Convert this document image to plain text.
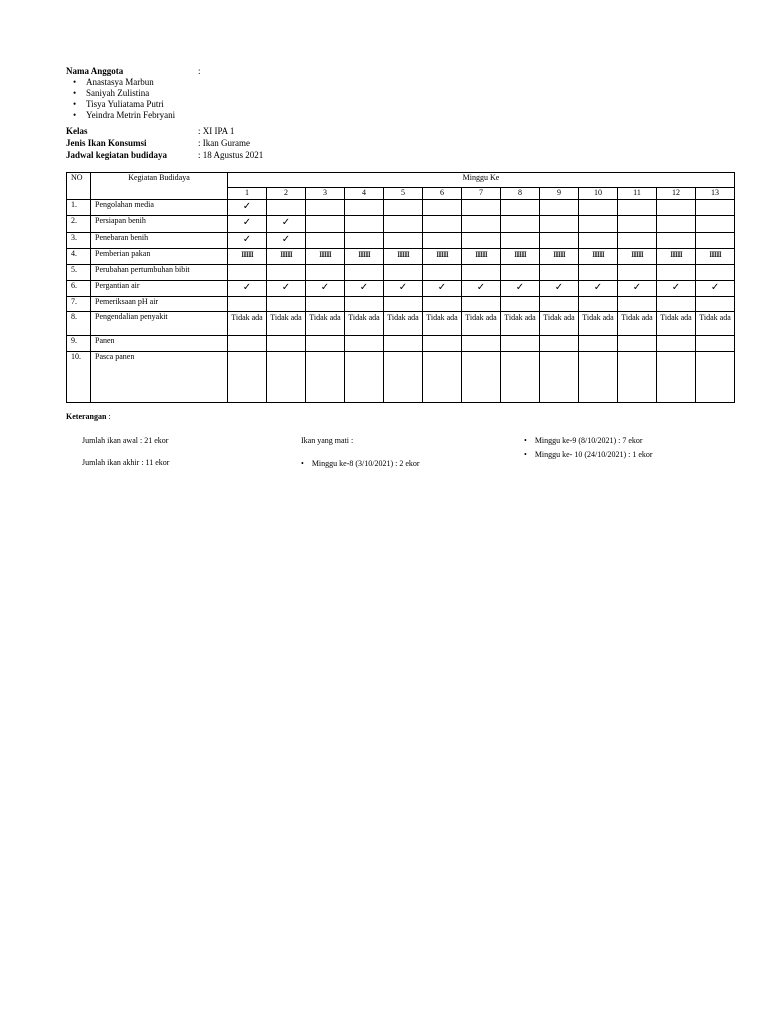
Nama Anggota	:
• Anastasya Marbun
• Saniyah Zulistina
• Tisya Yuliatama Putri
• Yeindra Metrin Febryani
Kelas	: XI IPA 1
Jenis Ikan Konsumsi	: Ikan Gurame
Jadwal kegiatan budidaya	: 18 Agustus 2021
NO	Kegiatan Budidaya	Minggu Ke												
		1	2	3	4	5	6	7	8	9	10	11	12	13
1.	Pengolahan media	✓												
2.	Persiapan benih	✓	✓											
3.	Penebaran benih	✓	✓											
4.	Pemberian pakan	IIIIIII	IIIIIII	IIIIIII	IIIIIII	IIIIIII	IIIIIII	IIIIIII	IIIIIII	IIIIIII	IIIIIII	IIIIIII	IIIIIII	IIIIIII
5.	Perubahan pertumbuhan bibit													
6.	Pergantian air	✓	✓	✓	✓	✓	✓	✓	✓	✓	✓	✓	✓	✓
7.	Pemeriksaan pH air													
8.	Pengendalian penyakit	Tidak ada	Tidak ada	Tidak ada	Tidak ada	Tidak ada	Tidak ada	Tidak ada	Tidak ada	Tidak ada	Tidak ada	Tidak ada	Tidak ada	Tidak ada
9.	Panen													
10.	Pasca panen													
Keterangan :
Jumlah ikan awal : 21 ekor
Jumlah ikan akhir : 11 ekor
Ikan yang mati :
• Minggu ke-8 (3/10/2021) : 2 ekor
• Minggu ke-9 (8/10/2021) : 7 ekor
• Minggu ke- 10 (24/10/2021) : 1 ekor
